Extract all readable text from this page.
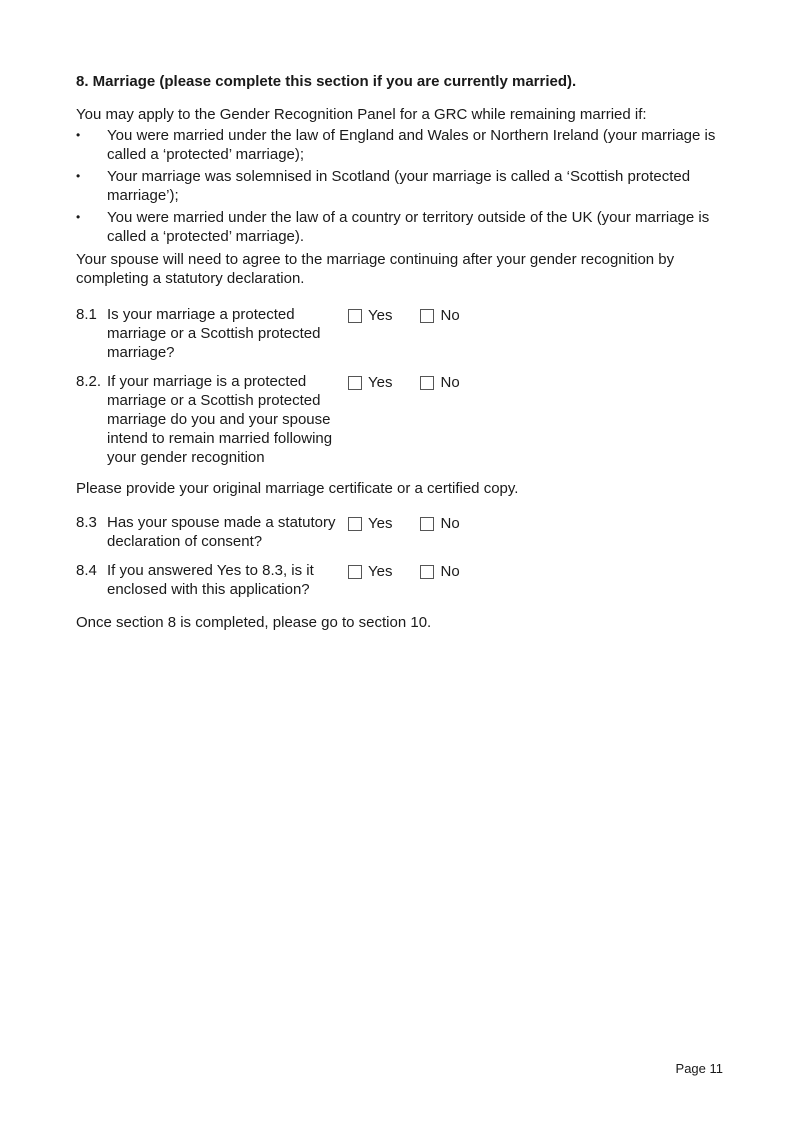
8. Marriage (please complete this section if you are currently married).

You may apply to the Gender Recognition Panel for a GRC while remaining married if:

• You were married under the law of England and Wales or Northern Ireland (your marriage is called a ‘protected’ marriage);
• Your marriage was solemnised in Scotland (your marriage is called a ‘Scottish protected marriage’);
• You were married under the law of a country or territory outside of the UK (your marriage is called a ‘protected’ marriage).

Your spouse will need to agree to the marriage continuing after your gender recognition by completing a statutory declaration.

8.1 Is your marriage a protected marriage or a Scottish protected marriage?
Yes	No
8.2. If your marriage is a protected marriage or a Scottish protected marriage do you and your spouse intend to remain married following your gender recognition
Yes	No

Please provide your original marriage certificate or a certified copy.

8.3 Has your spouse made a statutory declaration of consent?
Yes	No
8.4 If you answered Yes to 8.3, is it enclosed with this application?
Yes	No

Once section 8 is completed, please go to section 10.

Page 11
